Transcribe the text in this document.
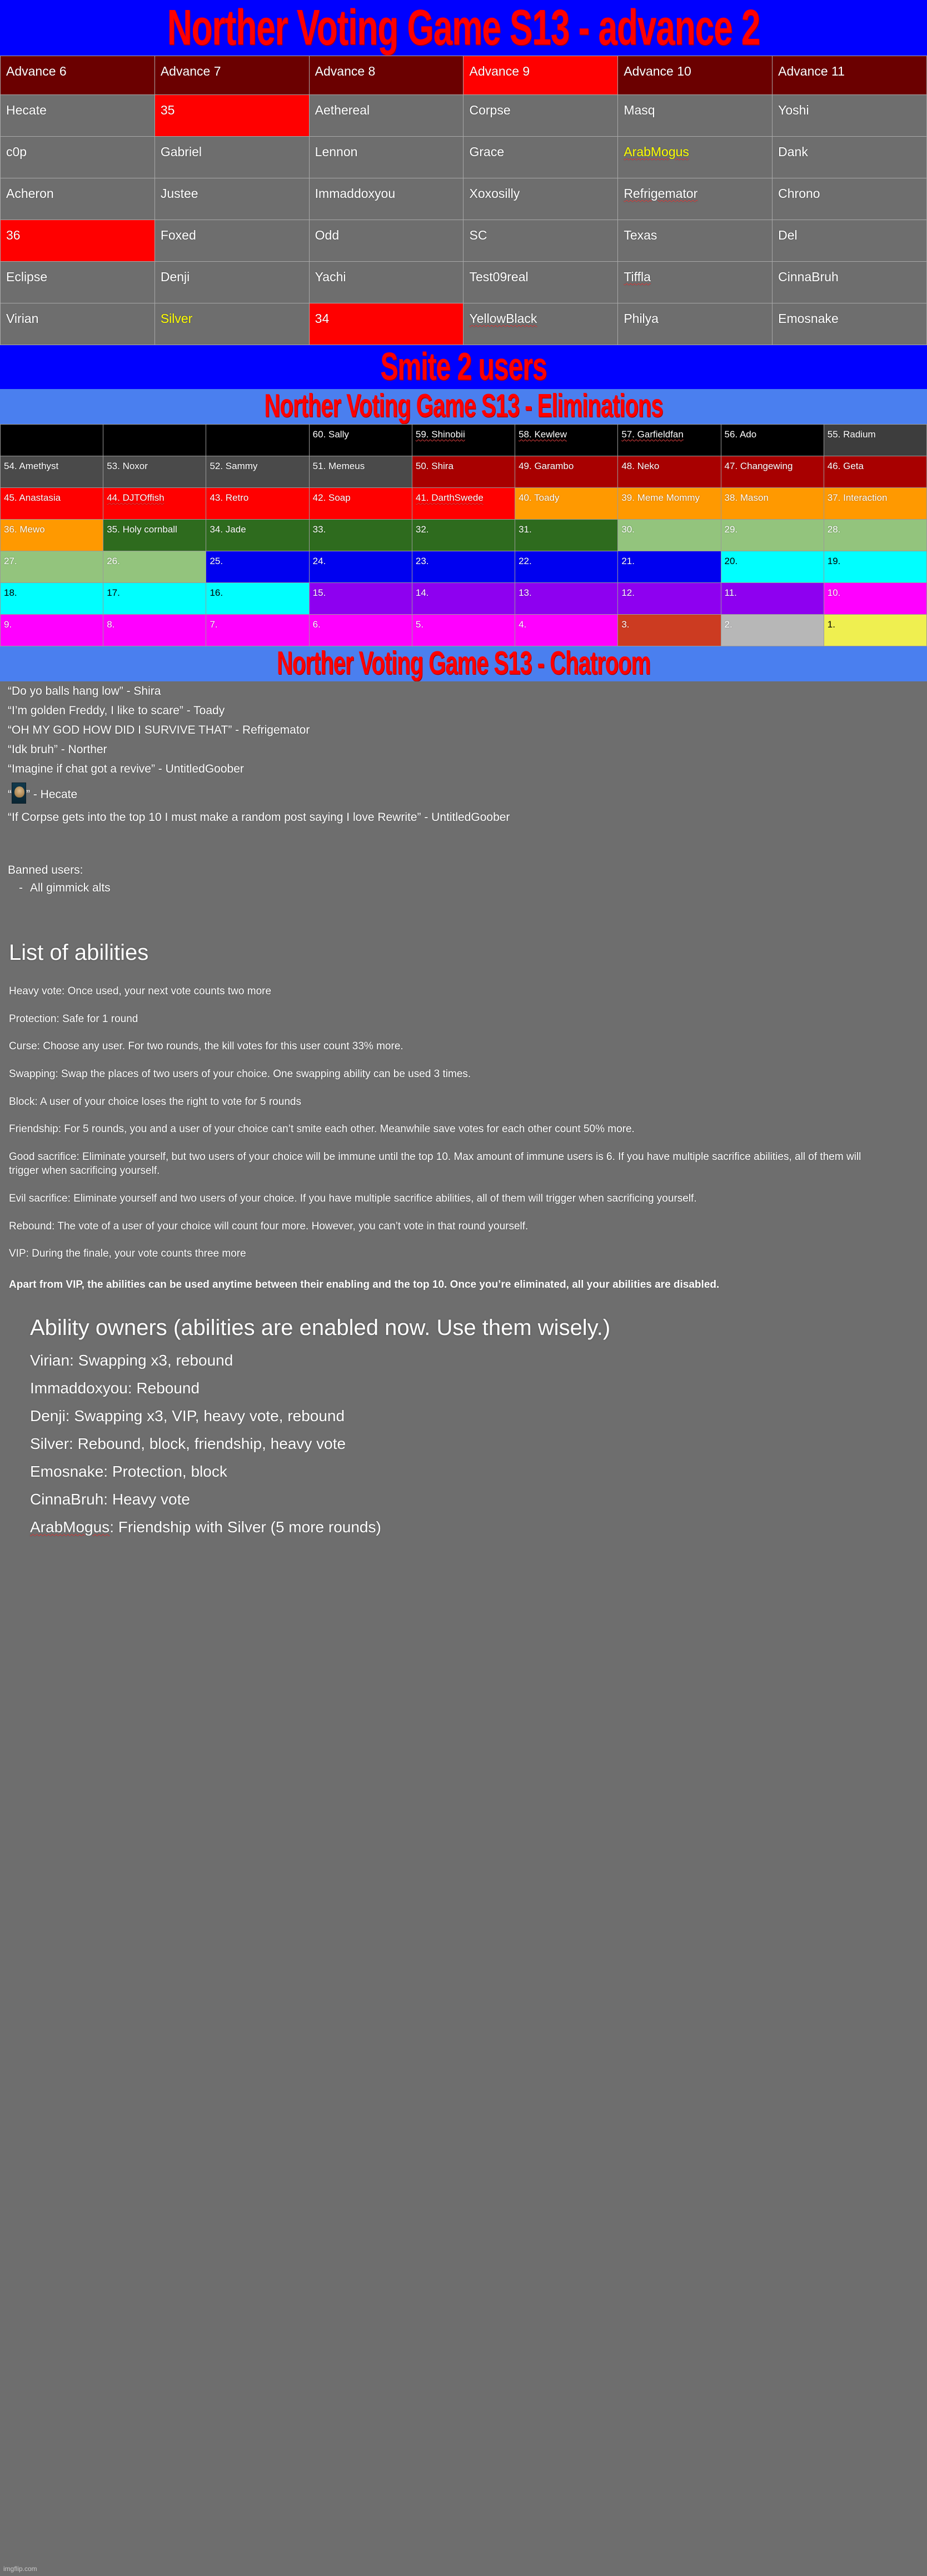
Norther Voting Game S13 - advance 2
Advance 6	Advance 7	Advance 8	Advance 9	Advance 10	Advance 11
Hecate	35	Aethereal	Corpse	Masq	Yoshi
c0p	Gabriel	Lennon	Grace	ArabMogus	Dank
Acheron	Justee	Immaddoxyou	Xoxosilly	Refrigemator	Chrono
36	Foxed	Odd	SC	Texas	Del
Eclipse	Denji	Yachi	Test09real	Tiffla	CinnaBruh
Virian	Silver	34	YellowBlack	Philya	Emosnake
Smite 2 users
Norther Voting Game S13 - Eliminations
			60. Sally	59. Shinobii	58. Kewlew	57. Garfieldfan	56. Ado	55. Radium
54. Amethyst	53. Noxor	52. Sammy	51. Memeus	50. Shira	49. Garambo	48. Neko	47. Changewing	46. Geta
45. Anastasia	44. DJTOffish	43. Retro	42. Soap	41. DarthSwede	40. Toady	39. Meme Mommy	38. Mason	37. Interaction
36. Mewo	35. Holy cornball	34. Jade	33.	32.	31.	30.	29.	28.
27.	26.	25.	24.	23.	22.	21.	20.	19.
18.	17.	16.	15.	14.	13.	12.	11.	10.
9.	8.	7.	6.	5.	4.	3.	2.	1.
Norther Voting Game S13 - Chatroom
“Do yo balls hang low” - Shira
“I’m golden Freddy, I like to scare” - Toady
“OH MY GOD HOW DID I SURVIVE THAT” - Refrigemator
“Idk bruh” - Norther
“Imagine if chat got a revive” - UntitledGoober
“ ” - Hecate
“If Corpse gets into the top 10 I must make a random post saying I love Rewrite” - UntitledGoober
Banned users:
- All gimmick alts
List of abilities
Heavy vote: Once used, your next vote counts two more
Protection: Safe for 1 round
Curse: Choose any user. For two rounds, the kill votes for this user count 33% more.
Swapping: Swap the places of two users of your choice. One swapping ability can be used 3 times.
Block: A user of your choice loses the right to vote for 5 rounds
Friendship: For 5 rounds, you and a user of your choice can’t smite each other. Meanwhile save votes for each other count 50% more.
Good sacrifice: Eliminate yourself, but two users of your choice will be immune until the top 10. Max amount of immune users is 6. If you have multiple sacrifice abilities, all of them will trigger when sacrificing yourself.
Evil sacrifice: Eliminate yourself and two users of your choice. If you have multiple sacrifice abilities, all of them will trigger when sacrificing yourself.
Rebound: The vote of a user of your choice will count four more. However, you can’t vote in that round yourself.
VIP: During the finale, your vote counts three more
Apart from VIP, the abilities can be used anytime between their enabling and the top 10. Once you’re eliminated, all your abilities are disabled.
Ability owners (abilities are enabled now. Use them wisely.)
Virian: Swapping x3, rebound
Immaddoxyou: Rebound
Denji: Swapping x3, VIP, heavy vote, rebound
Silver: Rebound, block, friendship, heavy vote
Emosnake: Protection, block
CinnaBruh: Heavy vote
ArabMogus: Friendship with Silver (5 more rounds)
imgflip.com
